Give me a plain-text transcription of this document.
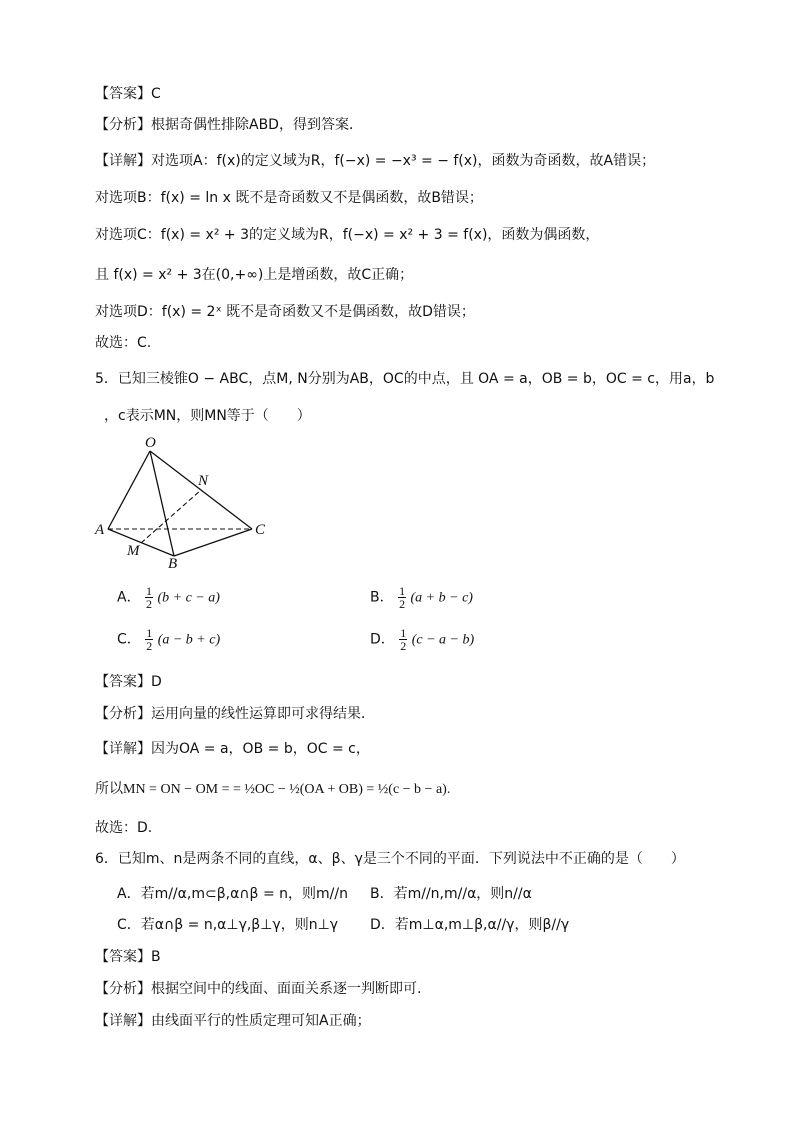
【答案】C
【分析】根据奇偶性排除ABD，得到答案．
【详解】对选项A：f(x)的定义域为R，f(−x) = −x³ = − f(x)，函数为奇函数，故A错误；
对选项B：f(x) = ln x 既不是奇函数又不是偶函数，故B错误；
对选项C：f(x) = x² + 3的定义域为R，f(−x) = x² + 3 = f(x)，函数为偶函数，
且 f(x) = x² + 3在(0,+∞)上是增函数，故C正确；
对选项D：f(x) = 2ˣ 既不是奇函数又不是偶函数，故D错误；
故选：C.
5．已知三棱锥O − ABC，点M, N分别为AB，OC的中点，且 OA = a，OB = b，OC = c，用a，b
，c表示MN，则MN等于（　　）
O
N
A	C
M
B
A． $\frac{1}{2} (b + c - a)$	B． $\frac{1}{2} (a + b - c)$
C． $\frac{1}{2} (a - b + c)$	D． $\frac{1}{2} (c - a - b)$
【答案】D
【分析】运用向量的线性运算即可求得结果．
【详解】因为OA = a，OB = b，OC = c，
所以MN = ON − OM = = ½OC − ½(OA + OB) = ½(c − b − a).
故选：D.
6．已知m、n是两条不同的直线，α、β、γ是三个不同的平面．下列说法中不正确的是（　　）
A．若m//α,m⊂β,α∩β = n，则m//n B．若m//n,m//α，则n//α
C．若α∩β = n,α⊥γ,β⊥γ，则n⊥γ D．若m⊥α,m⊥β,α//γ，则β//γ
【答案】B
【分析】根据空间中的线面、面面关系逐一判断即可.
【详解】由线面平行的性质定理可知A正确；
